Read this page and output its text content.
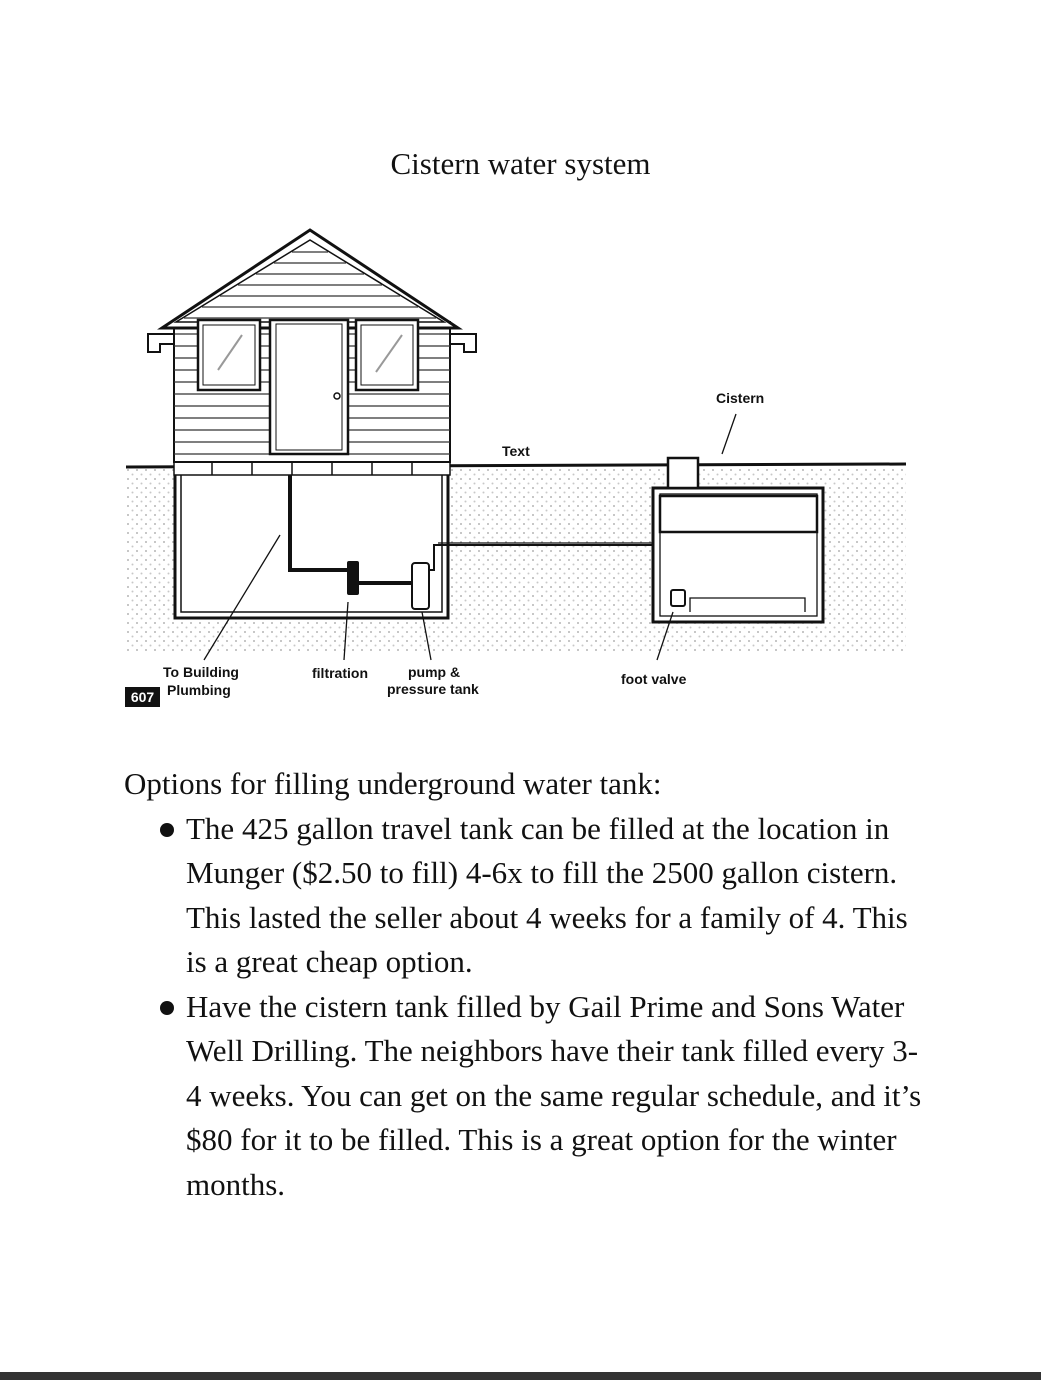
Cistern water system
Text
Cistern
To Building
Plumbing
filtration	pump &
pressure tank
foot valve
607

Options for filling underground water tank:

The 425 gallon travel tank can be filled at the location in Munger ($2.50 to fill) 4-6x to fill the 2500 gallon cistern. This lasted the seller about 4 weeks for a family of 4. This is a great cheap option.
Have the cistern tank filled by Gail Prime and Sons Water Well Drilling. The neighbors have their tank filled every 3-4 weeks. You can get on the same regular schedule, and it’s $80 for it to be filled. This is a great option for the winter months.
